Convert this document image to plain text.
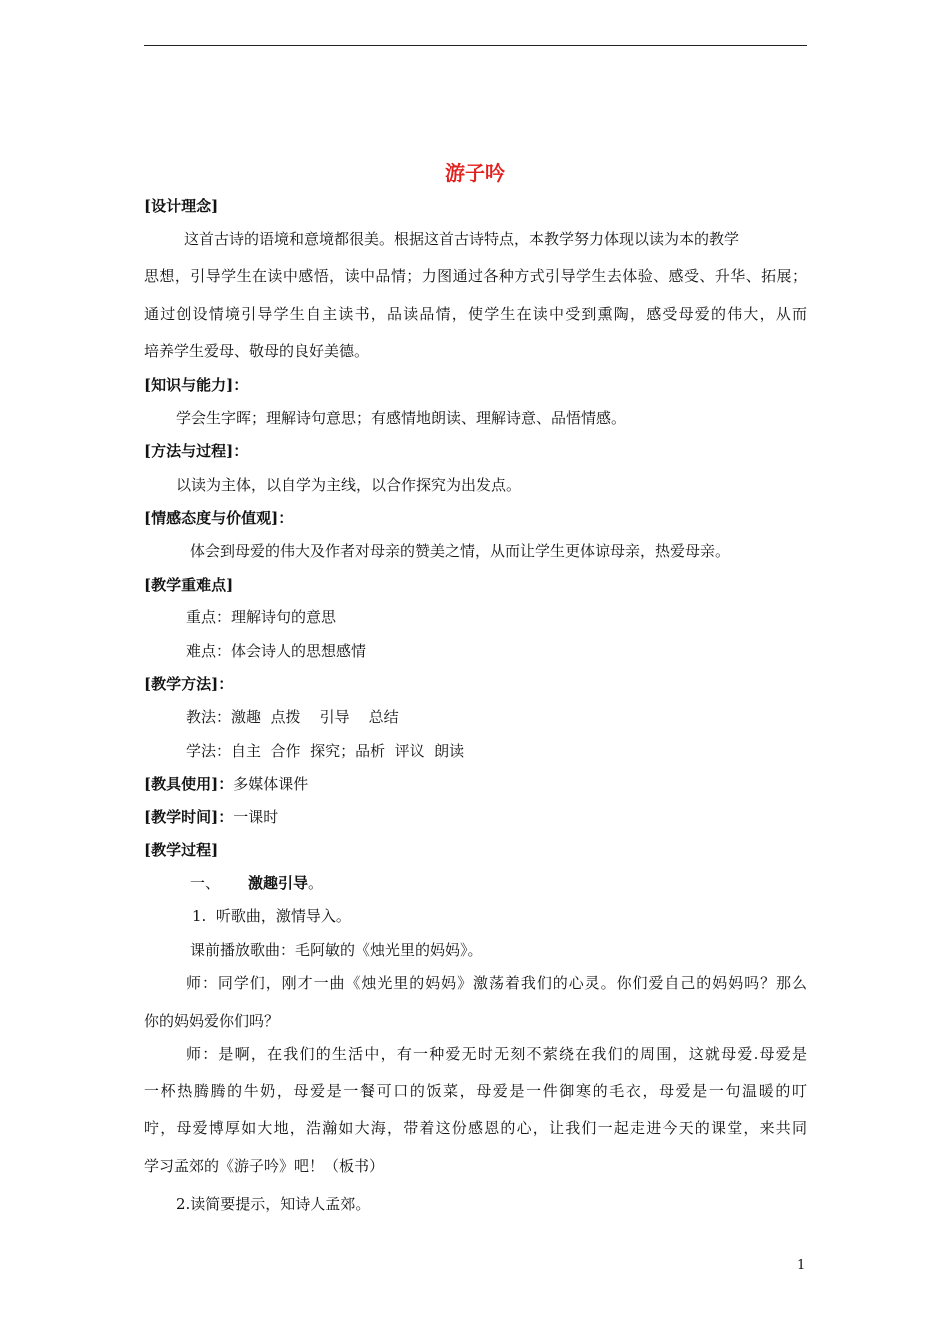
游子吟
[设计理念]
这首古诗的语境和意境都很美。根据这首古诗特点，本教学努力体现以读为本的教学
思想，引导学生在读中感悟，读中品情；力图通过各种方式引导学生去体验、感受、升华、拓展；
通过创设情境引导学生自主读书，品读品情，使学生在读中受到熏陶，感受母爱的伟大，从而
培养学生爱母、敬母的良好美德。
[知识与能力]：
学会生字晖；理解诗句意思；有感情地朗读、理解诗意、品悟情感。
[方法与过程]：
以读为主体，以自学为主线，以合作探究为出发点。
[情感态度与价值观]：
体会到母爱的伟大及作者对母亲的赞美之情，从而让学生更体谅母亲，热爱母亲。
[教学重难点]
重点：理解诗句的意思
难点：体会诗人的思想感情
[教学方法]：
教法：激趣  点拨    引导    总结
学法：自主  合作  探究；品析  评议  朗读
[教具使用]：多媒体课件
[教学时间]：一课时
[教学过程]
一、 激趣引导。
1.  听歌曲，激情导入。
课前播放歌曲：毛阿敏的《烛光里的妈妈》。
师：同学们，刚才一曲《烛光里的妈妈》激荡着我们的心灵。你们爱自己的妈妈吗？那么
你的妈妈爱你们吗？
师：是啊，在我们的生活中，有一种爱无时无刻不萦绕在我们的周围，这就母爱.母爱是
一杯热腾腾的牛奶，母爱是一餐可口的饭菜，母爱是一件御寒的毛衣，母爱是一句温暖的叮
咛，母爱博厚如大地，浩瀚如大海，带着这份感恩的心，让我们一起走进今天的课堂，来共同
学习孟郊的《游子吟》吧！（板书）
2.读简要提示，知诗人孟郊。
1
